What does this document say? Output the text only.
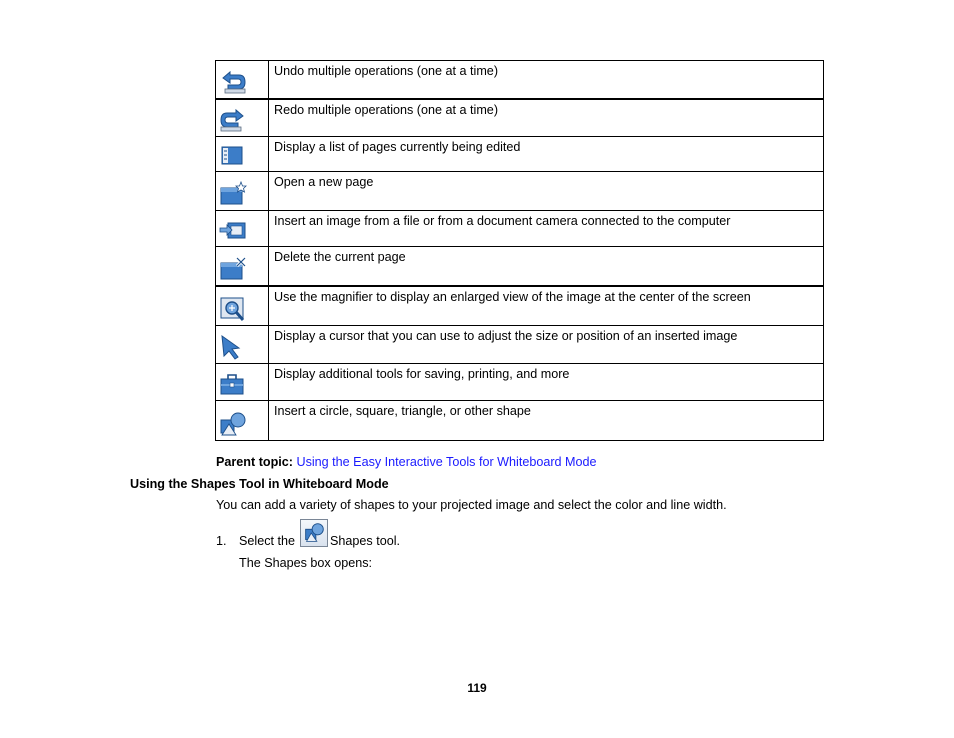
	Undo multiple operations (one at a time)

	Redo multiple operations (one at a time)

	Display a list of pages currently being edited

	Open a new page

	Insert an image from a file or from a document camera connected to the computer

	Delete the current page

	Use the magnifier to display an enlarged view of the image at the center of the screen

	Display a cursor that you can use to adjust the size or position of an inserted image

	Display additional tools for saving, printing, and more

	Insert a circle, square, triangle, or other shape
Parent topic: Using the Easy Interactive Tools for Whiteboard Mode
Using the Shapes Tool in Whiteboard Mode
You can add a variety of shapes to your projected image and select the color and line width.
1. Select the	Shapes tool.
The Shapes box opens:
119
